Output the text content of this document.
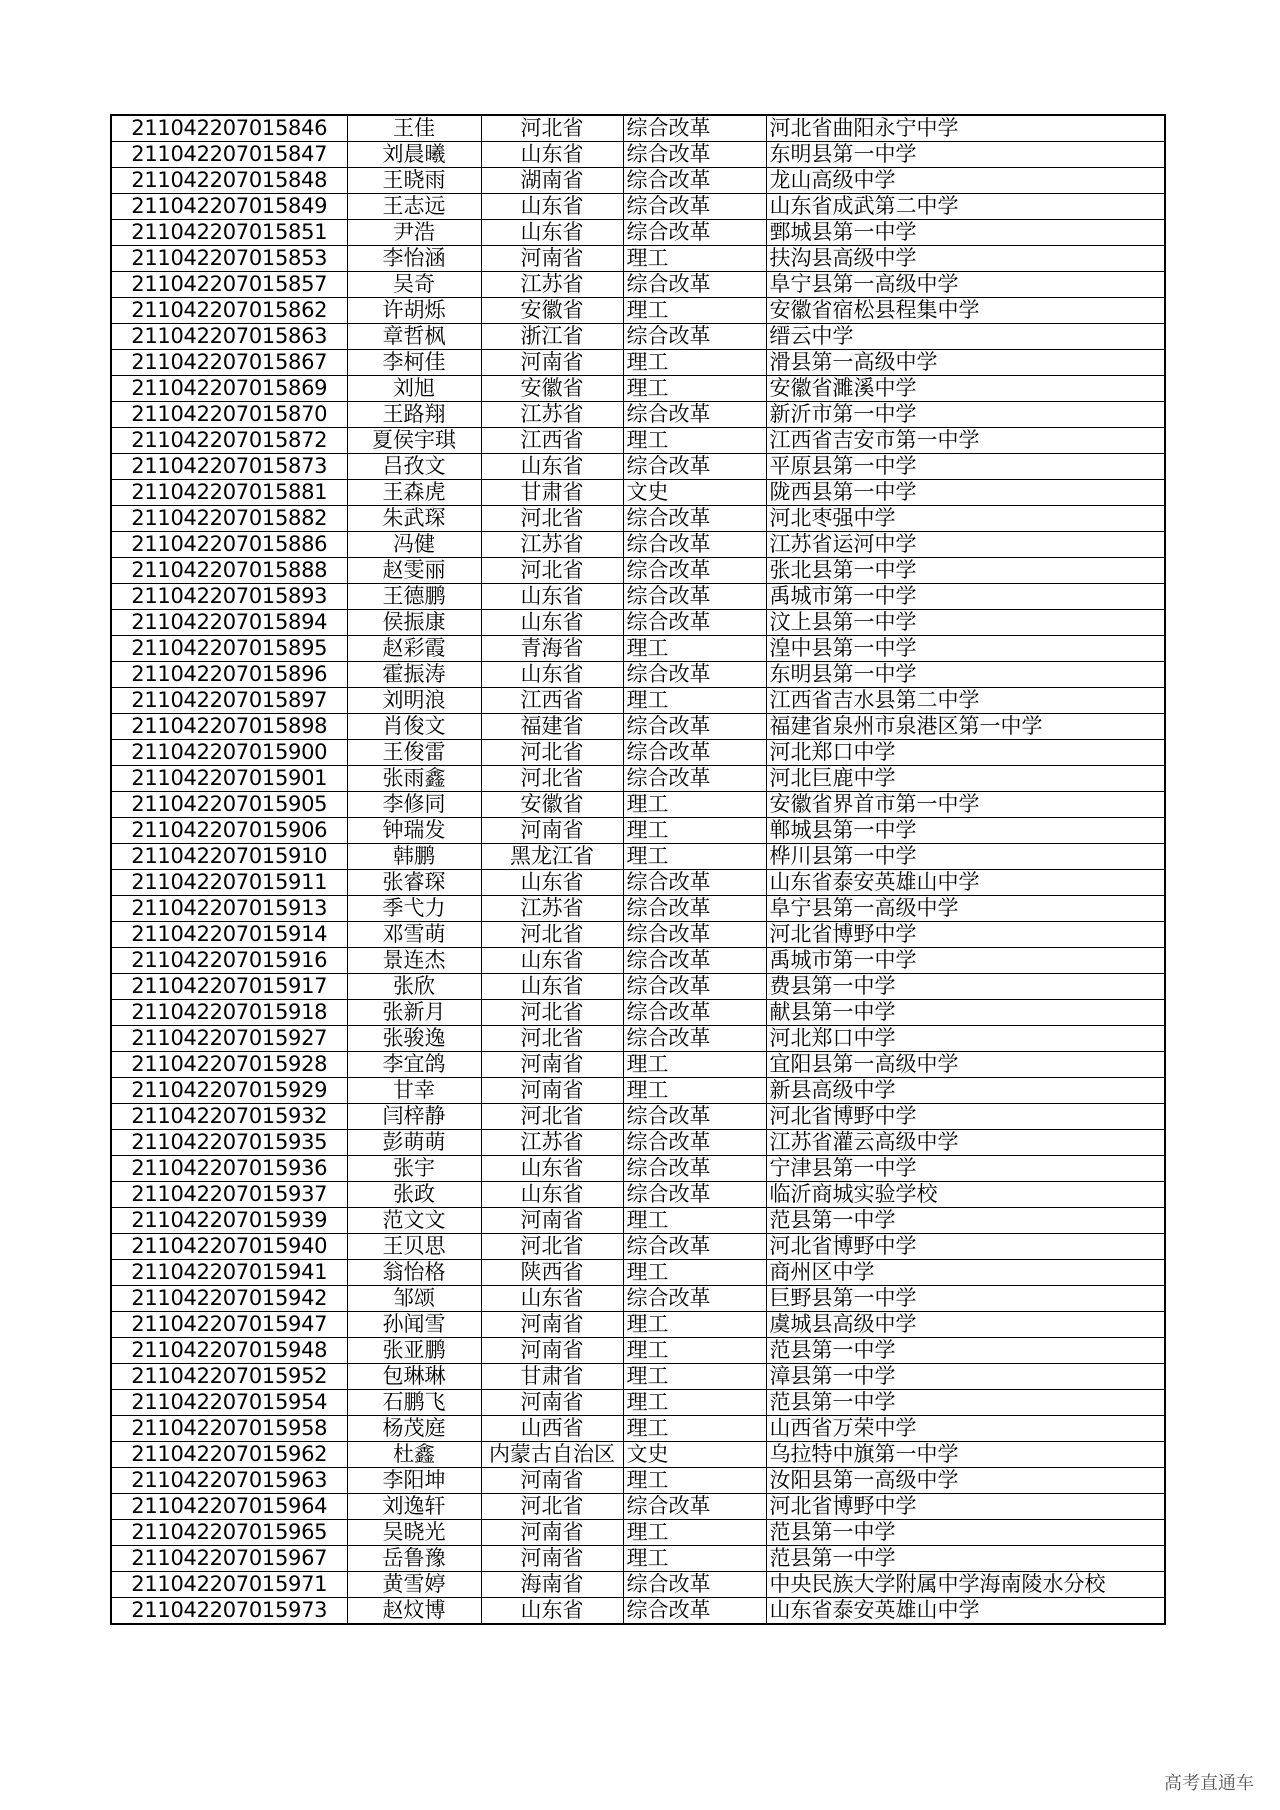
211042207015846	王佳	河北省	综合改革	河北省曲阳永宁中学
211042207015847	刘晨曦	山东省	综合改革	东明县第一中学
211042207015848	王晓雨	湖南省	综合改革	龙山高级中学
211042207015849	王志远	山东省	综合改革	山东省成武第二中学
211042207015851	尹浩	山东省	综合改革	鄄城县第一中学
211042207015853	李怡涵	河南省	理工	扶沟县高级中学
211042207015857	吴奇	江苏省	综合改革	阜宁县第一高级中学
211042207015862	许胡烁	安徽省	理工	安徽省宿松县程集中学
211042207015863	章哲枫	浙江省	综合改革	缙云中学
211042207015867	李柯佳	河南省	理工	滑县第一高级中学
211042207015869	刘旭	安徽省	理工	安徽省濉溪中学
211042207015870	王路翔	江苏省	综合改革	新沂市第一中学
211042207015872	夏侯宇琪	江西省	理工	江西省吉安市第一中学
211042207015873	吕孜文	山东省	综合改革	平原县第一中学
211042207015881	王森虎	甘肃省	文史	陇西县第一中学
211042207015882	朱武琛	河北省	综合改革	河北枣强中学
211042207015886	冯健	江苏省	综合改革	江苏省运河中学
211042207015888	赵雯丽	河北省	综合改革	张北县第一中学
211042207015893	王德鹏	山东省	综合改革	禹城市第一中学
211042207015894	侯振康	山东省	综合改革	汶上县第一中学
211042207015895	赵彩霞	青海省	理工	湟中县第一中学
211042207015896	霍振涛	山东省	综合改革	东明县第一中学
211042207015897	刘明浪	江西省	理工	江西省吉水县第二中学
211042207015898	肖俊文	福建省	综合改革	福建省泉州市泉港区第一中学
211042207015900	王俊雷	河北省	综合改革	河北郑口中学
211042207015901	张雨鑫	河北省	综合改革	河北巨鹿中学
211042207015905	李修同	安徽省	理工	安徽省界首市第一中学
211042207015906	钟瑞发	河南省	理工	郸城县第一中学
211042207015910	韩鹏	黑龙江省	理工	桦川县第一中学
211042207015911	张睿琛	山东省	综合改革	山东省泰安英雄山中学
211042207015913	季弋力	江苏省	综合改革	阜宁县第一高级中学
211042207015914	邓雪萌	河北省	综合改革	河北省博野中学
211042207015916	景连杰	山东省	综合改革	禹城市第一中学
211042207015917	张欣	山东省	综合改革	费县第一中学
211042207015918	张新月	河北省	综合改革	献县第一中学
211042207015927	张骏逸	河北省	综合改革	河北郑口中学
211042207015928	李宜鸽	河南省	理工	宜阳县第一高级中学
211042207015929	甘幸	河南省	理工	新县高级中学
211042207015932	闫梓静	河北省	综合改革	河北省博野中学
211042207015935	彭萌萌	江苏省	综合改革	江苏省灌云高级中学
211042207015936	张宇	山东省	综合改革	宁津县第一中学
211042207015937	张政	山东省	综合改革	临沂商城实验学校
211042207015939	范文文	河南省	理工	范县第一中学
211042207015940	王贝思	河北省	综合改革	河北省博野中学
211042207015941	翁怡格	陕西省	理工	商州区中学
211042207015942	邹颂	山东省	综合改革	巨野县第一中学
211042207015947	孙闻雪	河南省	理工	虞城县高级中学
211042207015948	张亚鹏	河南省	理工	范县第一中学
211042207015952	包琳琳	甘肃省	理工	漳县第一中学
211042207015954	石鹏飞	河南省	理工	范县第一中学
211042207015958	杨茂庭	山西省	理工	山西省万荣中学
211042207015962	杜鑫	内蒙古自治区	文史	乌拉特中旗第一中学
211042207015963	李阳坤	河南省	理工	汝阳县第一高级中学
211042207015964	刘逸轩	河北省	综合改革	河北省博野中学
211042207015965	吴晓光	河南省	理工	范县第一中学
211042207015967	岳鲁豫	河南省	理工	范县第一中学
211042207015971	黄雪婷	海南省	综合改革	中央民族大学附属中学海南陵水分校
211042207015973	赵炆博	山东省	综合改革	山东省泰安英雄山中学
高考直通车
